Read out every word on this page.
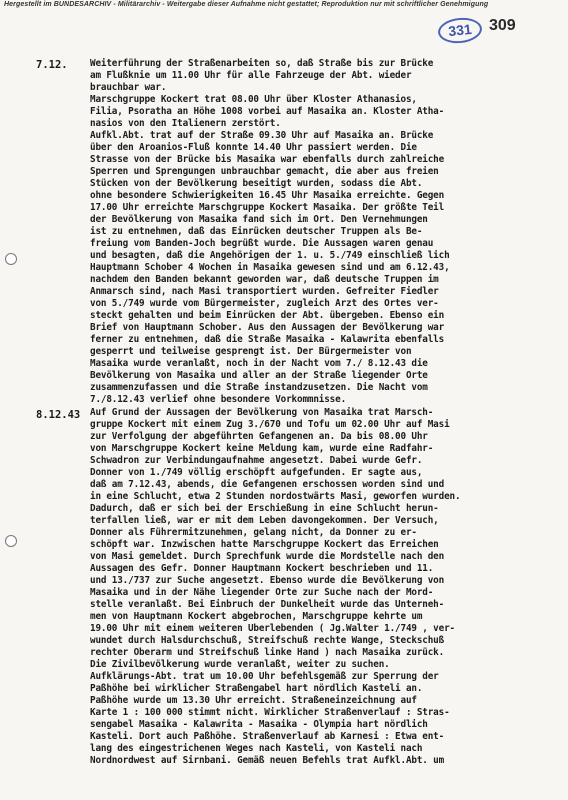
Hergestellt im BUNDESARCHIV - Militärarchiv - Weitergabe dieser Aufnahme nicht gestattet; Reproduktion nur mit schriftlicher Genehmigung
331	309
7.12. Weiterführung der Straßenarbeiten so, daß Straße bis zur Brücke
am Flußknie um 11.00 Uhr für alle Fahrzeuge der Abt. wieder
brauchbar war.
Marschgruppe Kockert trat 08.00 Uhr über Kloster Athanasios,
Filia, Psoratha an Höhe 1008 vorbei auf Masaika an. Kloster Atha-
nasios von den Italienern zerstört.
Aufkl.Abt. trat auf der Straße 09.30 Uhr auf Masaika an. Brücke
über den Aroanios-Fluß konnte 14.40 Uhr passiert werden. Die
Strasse von der Brücke bis Masaika war ebenfalls durch zahlreiche
Sperren und Sprengungen unbrauchbar gemacht, die aber aus freien
Stücken von der Bevölkerung beseitigt wurden, sodass die Abt.
ohne besondere Schwierigkeiten 16.45 Uhr Masaika erreichte. Gegen
17.00 Uhr erreichte Marschgruppe Kockert Masaika. Der größte Teil
der Bevölkerung von Masaika fand sich im Ort. Den Vernehmungen
ist zu entnehmen, daß das Einrücken deutscher Truppen als Be-
freiung vom Banden-Joch begrüßt wurde. Die Aussagen waren genau
und besagten, daß die Angehörigen der 1. u. 5./749 einschließ lich
Hauptmann Schober 4 Wochen in Masaika gewesen sind und am 6.12.43,
nachdem den Banden bekannt geworden war, daß deutsche Truppen im
Anmarsch sind, nach Masi transportiert wurden. Gefreiter Fiedler
von 5./749 wurde vom Bürgermeister, zugleich Arzt des Ortes ver-
steckt gehalten und beim Einrücken der Abt. übergeben. Ebenso ein
Brief von Hauptmann Schober. Aus den Aussagen der Bevölkerung war
ferner zu entnehmen, daß die Straße Masaika - Kalawrita ebenfalls
gesperrt und teilweise gesprengt ist. Der Bürgermeister von
Masaika wurde veranlaßt, noch in der Nacht vom 7./ 8.12.43 die
Bevölkerung von Masaika und aller an der Straße liegender Orte
zusammenzufassen und die Straße instandzusetzen. Die Nacht vom
7./8.12.43 verlief ohne besondere Vorkommnisse.
8.12.43 Auf Grund der Aussagen der Bevölkerung von Masaika trat Marsch-
gruppe Kockert mit einem Zug 3./670 und Tofu um 02.00 Uhr auf Masi
zur Verfolgung der abgeführten Gefangenen an. Da bis 08.00 Uhr
von Marschgruppe Kockert keine Meldung kam, wurde eine Radfahr-
Schwadron zur Verbindungaufnahme angesetzt. Dabei wurde Gefr.
Donner von 1./749 völlig erschöpft aufgefunden. Er sagte aus,
daß am 7.12.43, abends, die Gefangenen erschossen worden sind und
in eine Schlucht, etwa 2 Stunden nordostwärts Masi, geworfen wurden.
Dadurch, daß er sich bei der Erschießung in eine Schlucht herun-
terfallen ließ, war er mit dem Leben davongekommen. Der Versuch,
Donner als Führermitzunehmen, gelang nicht, da Donner zu er-
schöpft war. Inzwischen hatte Marschgruppe Kockert das Erreichen
von Masi gemeldet. Durch Sprechfunk wurde die Mordstelle nach den
Aussagen des Gefr. Donner Hauptmann Kockert beschrieben und 11.
und 13./737 zur Suche angesetzt. Ebenso wurde die Bevölkerung von
Masaika und in der Nähe liegender Orte zur Suche nach der Mord-
stelle veranlaßt. Bei Einbruch der Dunkelheit wurde das Unterneh-
men von Hauptmann Kockert abgebrochen, Marschgruppe kehrte um
19.00 Uhr mit einem weiteren Überlebenden ( Jg.Walter 1./749 , ver-
wundet durch Halsdurchschuß, Streifschuß rechte Wange, Steckschuß
rechter Oberarm und Streifschuß linke Hand ) nach Masaika zurück.
Die Zivilbevölkerung wurde veranlaßt, weiter zu suchen.
Aufklärungs-Abt. trat um 10.00 Uhr befehlsgemäß zur Sperrung der
Paßhöhe bei wirklicher Straßengabel hart nördlich Kasteli an.
Paßhöhe wurde um 13.30 Uhr erreicht. Straßeneinzeichnung auf
Karte 1 : 100 000 stimmt nicht. Wirklicher Straßenverlauf : Stras-
sengabel Masaika - Kalawrita - Masaika - Olympia hart nördlich
Kasteli. Dort auch Paßhöhe. Straßenverlauf ab Karnesi : Etwa ent-
lang des eingestrichenen Weges nach Kasteli, von Kasteli nach
Nordnordwest auf Sirnbani. Gemäß neuen Befehls trat Aufkl.Abt. um
